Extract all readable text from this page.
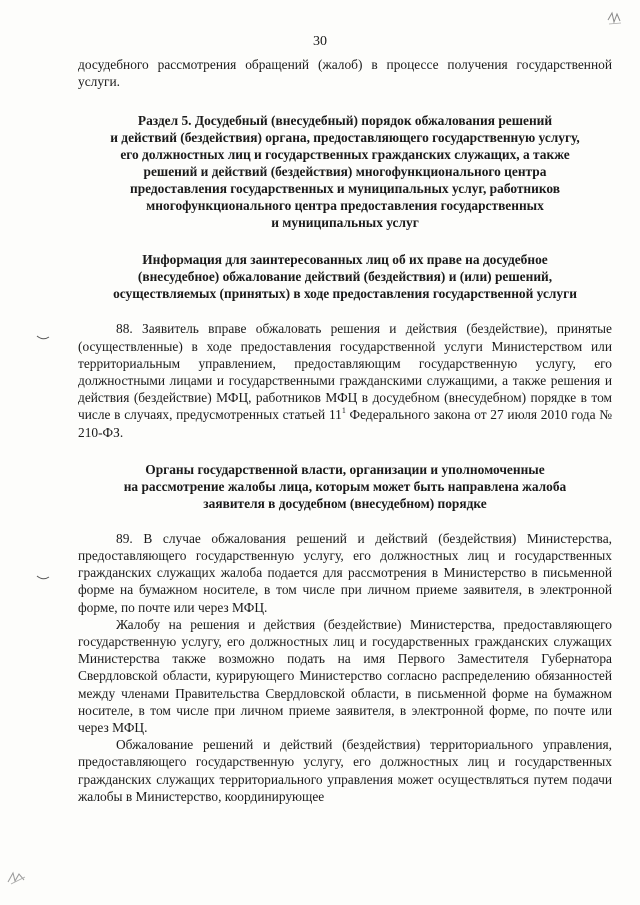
30

досудебного рассмотрения обращений (жалоб) в процессе получения государственной услуги.

Раздел 5. Досудебный (внесудебный) порядок обжалования решений
и действий (бездействия) органа, предоставляющего государственную услугу,
его должностных лиц и государственных гражданских служащих, а также
решений и действий (бездействия) многофункционального центра
предоставления государственных и муниципальных услуг, работников
многофункционального центра предоставления государственных
и муниципальных услуг
Информация для заинтересованных лиц об их праве на досудебное
(внесудебное) обжалование действий (бездействия) и (или) решений,
осуществляемых (принятых) в ходе предоставления государственной услуги

88. Заявитель вправе обжаловать решения и действия (бездействие), принятые (осуществленные) в ходе предоставления государственной услуги Министерством или территориальным управлением, предоставляющим государственную услугу, его должностными лицами и государственными гражданскими служащими, а также решения и действия (бездействие) МФЦ, работников МФЦ в досудебном (внесудебном) порядке в том числе в случаях, предусмотренных статьей $11^1$ Федерального закона от 27 июля 2010 года № 210-ФЗ.

Органы государственной власти, организации и уполномоченные
на рассмотрение жалобы лица, которым может быть направлена жалоба
заявителя в досудебном (внесудебном) порядке

89. В случае обжалования решений и действий (бездействия) Министерства, предоставляющего государственную услугу, его должностных лиц и государственных гражданских служащих жалоба подается для рассмотрения в Министерство в письменной форме на бумажном носителе, в том числе при личном приеме заявителя, в электронной форме, по почте или через МФЦ.

Жалобу на решения и действия (бездействие) Министерства, предоставляющего государственную услугу, его должностных лиц и государственных гражданских служащих Министерства также возможно подать на имя Первого Заместителя Губернатора Свердловской области, курирующего Министерство согласно распределению обязанностей между членами Правительства Свердловской области, в письменной форме на бумажном носителе, в том числе при личном приеме заявителя, в электронной форме, по почте или через МФЦ.

Обжалование решений и действий (бездействия) территориального управления, предоставляющего государственную услугу, его должностных лиц и государственных гражданских служащих территориального управления может осуществляться путем подачи жалобы в Министерство, координирующее
